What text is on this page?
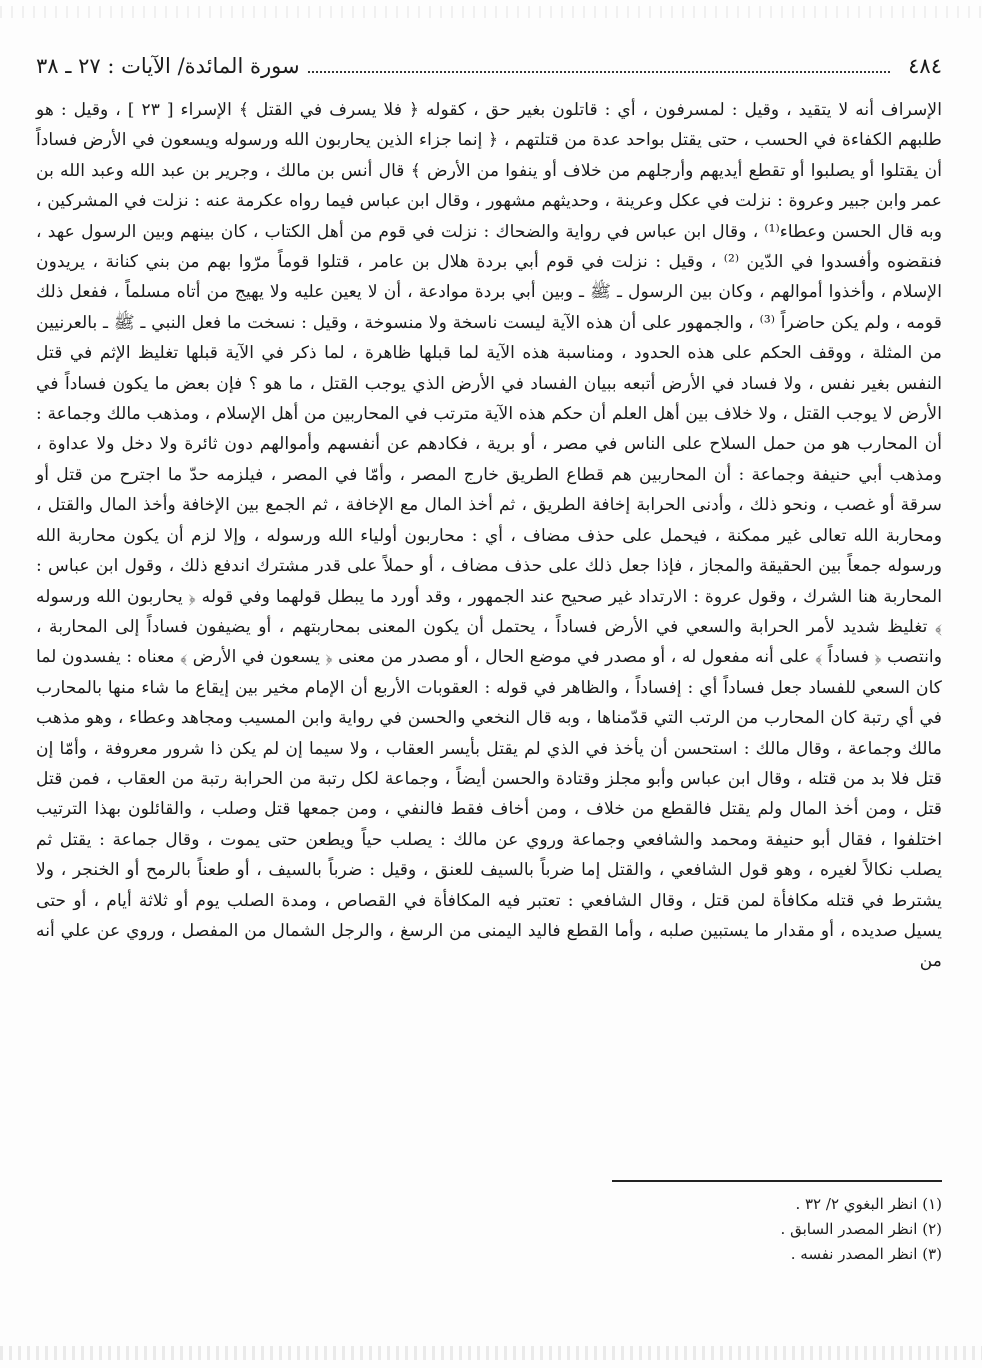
٤٨٤
سورة المائدة/ الآيات : ٢٧ ـ ٣٨

الإسراف أنه لا يتقيد ، وقيل : لمسرفون ، أي : قاتلون بغير حق ، كقوله ﴿ فلا يسرف في القتل ﴾ الإسراء [ ٢٣ ] ، وقيل : هو طلبهم الكفاءة في الحسب ، حتى يقتل بواحد عدة من قتلتهم ، ﴿ إنما جزاء الذين يحاربون الله ورسوله ويسعون في الأرض فساداً أن يقتلوا أو يصلبوا أو تقطع أيديهم وأرجلهم من خلاف أو ينفوا من الأرض ﴾ قال أنس بن مالك ، وجرير بن عبد الله وعبد الله بن عمر وابن جبير وعروة : نزلت في عكل وعرينة ، وحديثهم مشهور ، وقال ابن عباس فيما رواه عكرمة عنه : نزلت في المشركين ، وبه قال الحسن وعطاء⁽¹⁾ ، وقال ابن عباس في رواية والضحاك : نزلت في قوم من أهل الكتاب ، كان بينهم وبين الرسول عهد ، فنقضوه وأفسدوا في الدّين ⁽²⁾ ، وقيل : نزلت في قوم أبي بردة هلال بن عامر ، قتلوا قوماً مرّوا بهم من بني كنانة ، يريدون الإسلام ، وأخذوا أموالهم ، وكان بين الرسول ـ ﷺ ـ وبين أبي بردة موادعة ، أن لا يعين عليه ولا يهيج من أتاه مسلماً ، ففعل ذلك قومه ، ولم يكن حاضراً ⁽³⁾ ، والجمهور على أن هذه الآية ليست ناسخة ولا منسوخة ، وقيل : نسخت ما فعل النبي ـ ﷺ ـ بالعرنيين من المثلة ، ووقف الحكم على هذه الحدود ، ومناسبة هذه الآية لما قبلها ظاهرة ، لما ذكر في الآية قبلها تغليظ الإثم في قتل النفس بغير نفس ، ولا فساد في الأرض أتبعه ببيان الفساد في الأرض الذي يوجب القتل ، ما هو ؟ فإن بعض ما يكون فساداً في الأرض لا يوجب القتل ، ولا خلاف بين أهل العلم أن حكم هذه الآية مترتب في المحاربين من أهل الإسلام ، ومذهب مالك وجماعة : أن المحارب هو من حمل السلاح على الناس في مصر ، أو برية ، فكادهم عن أنفسهم وأموالهم دون ثائرة ولا دخل ولا عداوة ، ومذهب أبي حنيفة وجماعة : أن المحاربين هم قطاع الطريق خارج المصر ، وأمّا في المصر ، فيلزمه حدّ ما اجترح من قتل أو سرقة أو غصب ، ونحو ذلك ، وأدنى الحرابة إخافة الطريق ، ثم أخذ المال مع الإخافة ، ثم الجمع بين الإخافة وأخذ المال والقتل ، ومحاربة الله تعالى غير ممكنة ، فيحمل على حذف مضاف ، أي : محاربون أولياء الله ورسوله ، وإلا لزم أن يكون محاربة الله ورسوله جمعاً بين الحقيقة والمجاز ، فإذا جعل ذلك على حذف مضاف ، أو حملاً على قدر مشترك اندفع ذلك ، وقول ابن عباس : المحاربة هنا الشرك ، وقول عروة : الارتداد غير صحيح عند الجمهور ، وقد أورد ما يبطل قولهما وفي قوله ﴿ يحاربون الله ورسوله ﴾ تغليظ شديد لأمر الحرابة والسعي في الأرض فساداً ، يحتمل أن يكون المعنى بمحاربتهم ، أو يضيفون فساداً إلى المحاربة ، وانتصب ﴿ فساداً ﴾ على أنه مفعول له ، أو مصدر في موضع الحال ، أو مصدر من معنى ﴿ يسعون في الأرض ﴾ معناه : يفسدون لما كان السعي للفساد جعل فساداً أي : إفساداً ، والظاهر في قوله : العقوبات الأربع أن الإمام مخير بين إيقاع ما شاء منها بالمحارب في أي رتبة كان المحارب من الرتب التي قدّمناها ، وبه قال النخعي والحسن في رواية وابن المسيب ومجاهد وعطاء ، وهو مذهب مالك وجماعة ، وقال مالك : استحسن أن يأخذ في الذي لم يقتل بأيسر العقاب ، ولا سيما إن لم يكن ذا شرور معروفة ، وأمّا إن قتل فلا بد من قتله ، وقال ابن عباس وأبو مجلز وقتادة والحسن أيضاً ، وجماعة لكل رتبة من الحرابة رتبة من العقاب ، فمن قتل قتل ، ومن أخذ المال ولم يقتل فالقطع من خلاف ، ومن أخاف فقط فالنفي ، ومن جمعها قتل وصلب ، والقائلون بهذا الترتيب اختلفوا ، فقال أبو حنيفة ومحمد والشافعي وجماعة وروي عن مالك : يصلب حياً ويطعن حتى يموت ، وقال جماعة : يقتل ثم يصلب نكالاً لغيره ، وهو قول الشافعي ، والقتل إما ضرباً بالسيف للعنق ، وقيل : ضرباً بالسيف ، أو طعناً بالرمح أو الخنجر ، ولا يشترط في قتله مكافأة لمن قتل ، وقال الشافعي : تعتبر فيه المكافأة في القصاص ، ومدة الصلب يوم أو ثلاثة أيام ، أو حتى يسيل صديده ، أو مقدار ما يستبين صلبه ، وأما القطع فاليد اليمنى من الرسغ ، والرجل الشمال من المفصل ، وروي عن علي أنه من

(١) انظر البغوي ٢/ ٣٢ .
(٢) انظر المصدر السابق .
(٣) انظر المصدر نفسه .
